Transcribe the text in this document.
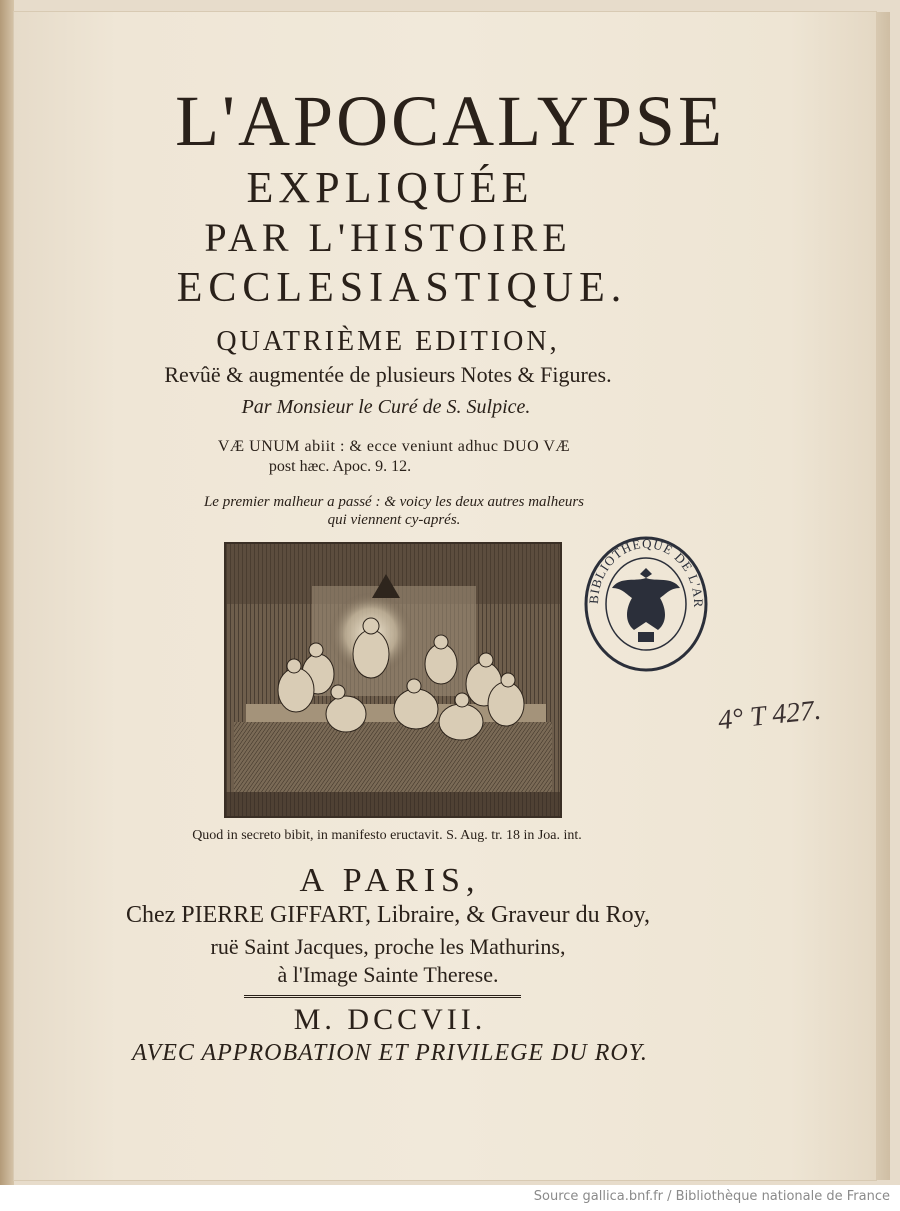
L'APOCALYPSE
EXPLIQUÉE
PAR L'HISTOIRE
ECCLESIASTIQUE.
QUATRIÈME EDITION,
Revûë & augmentée de plusieurs Notes & Figures.
Par Monsieur le Curé de S. Sulpice.
VÆ UNUM abiit : & ecce veniunt adhuc DUO VÆ
post hæc. Apoc. 9. 12.
Le premier malheur a passé : & voicy les deux autres malheurs
qui viennent cy-aprés.
Quod in secreto bibit, in manifesto eructavit. S. Aug. tr. 18 in Joa. int.
BIBLIOTHÈQUE DE L'AR
4° T 427.
A PARIS,
Chez PIERRE GIFFART, Libraire, & Graveur du Roy,
ruë Saint Jacques, proche les Mathurins,
à l'Image Sainte Therese.
M. DCCVII.
AVEC APPROBATION ET PRIVILEGE DU ROY.
Source gallica.bnf.fr / Bibliothèque nationale de France
